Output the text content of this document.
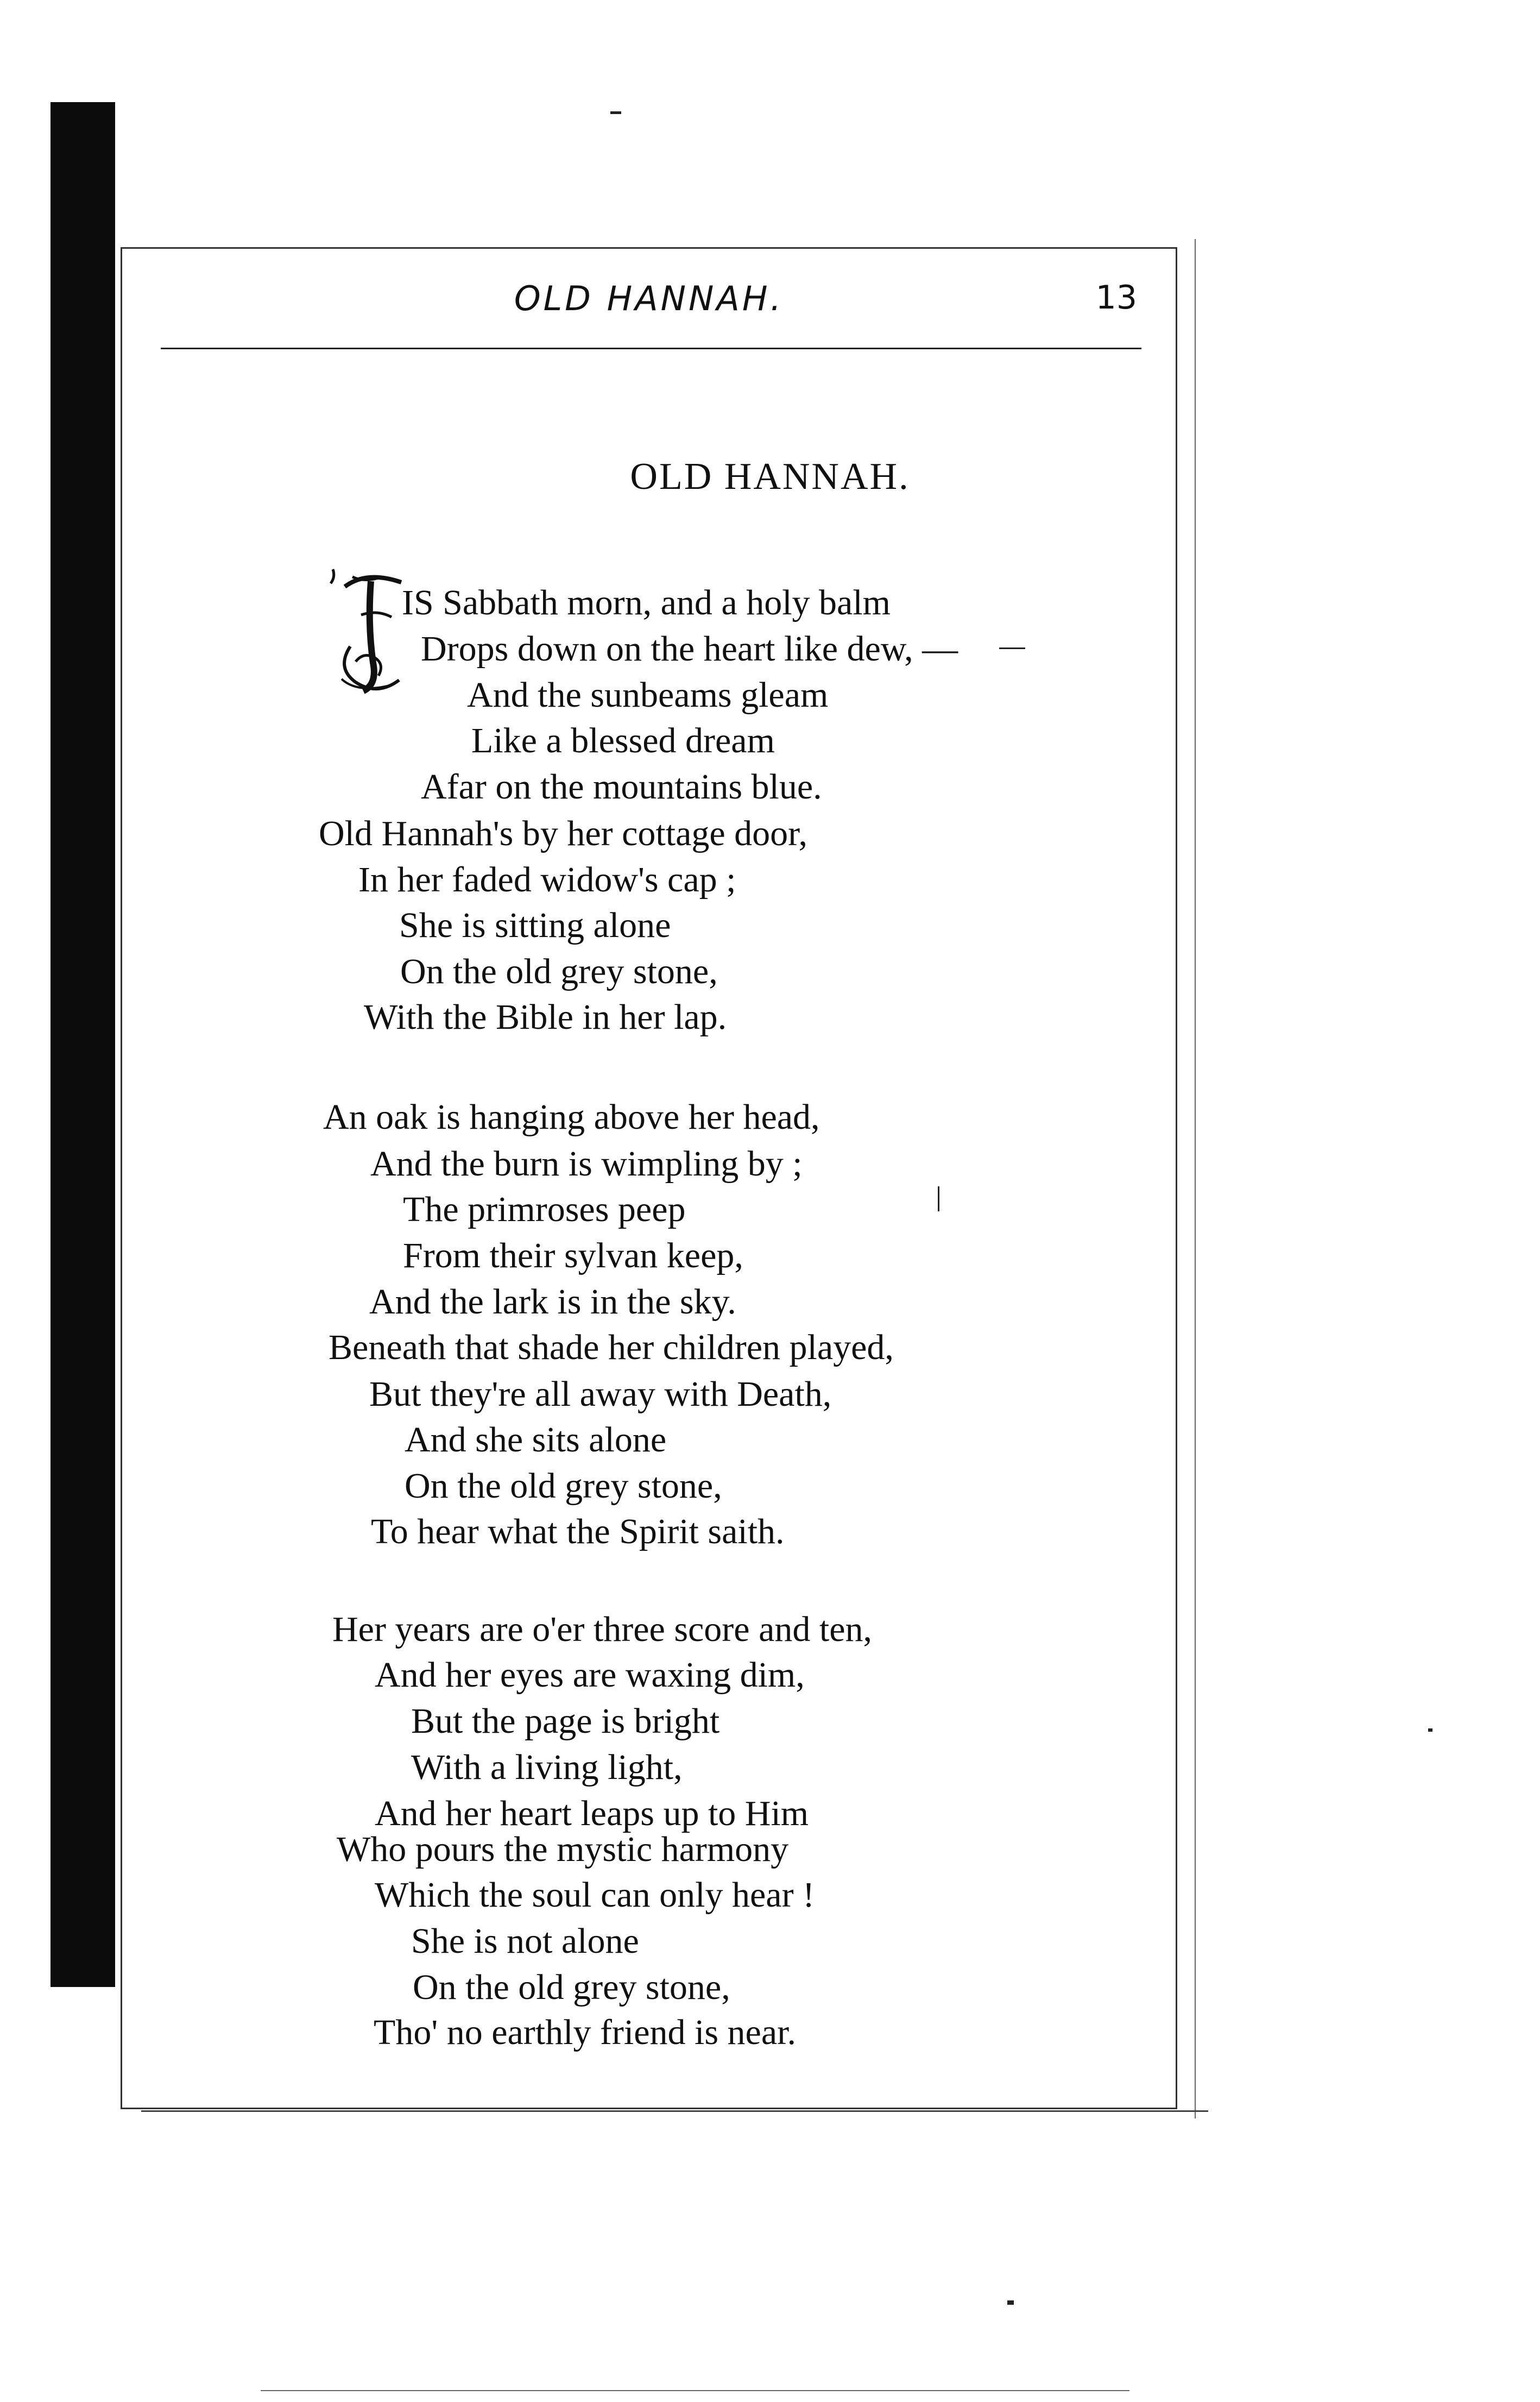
OLD HANNAH.	13
OLD HANNAH.
IS Sabbath morn, and a holy balm
Drops down on the heart like dew, —
And the sunbeams gleam
Like a blessed dream
Afar on the mountains blue.
Old Hannah's by her cottage door,
In her faded widow's cap ;
She is sitting alone
On the old grey stone,
With the Bible in her lap.
An oak is hanging above her head,
And the burn is wimpling by ;
The primroses peep
From their sylvan keep,
And the lark is in the sky.
Beneath that shade her children played,
But they're all away with Death,
And she sits alone
On the old grey stone,
To hear what the Spirit saith.
Her years are o'er three score and ten,
And her eyes are waxing dim,
But the page is bright
With a living light,
And her heart leaps up to Him
Who pours the mystic harmony
Which the soul can only hear !
She is not alone
On the old grey stone,
Tho' no earthly friend is near.
